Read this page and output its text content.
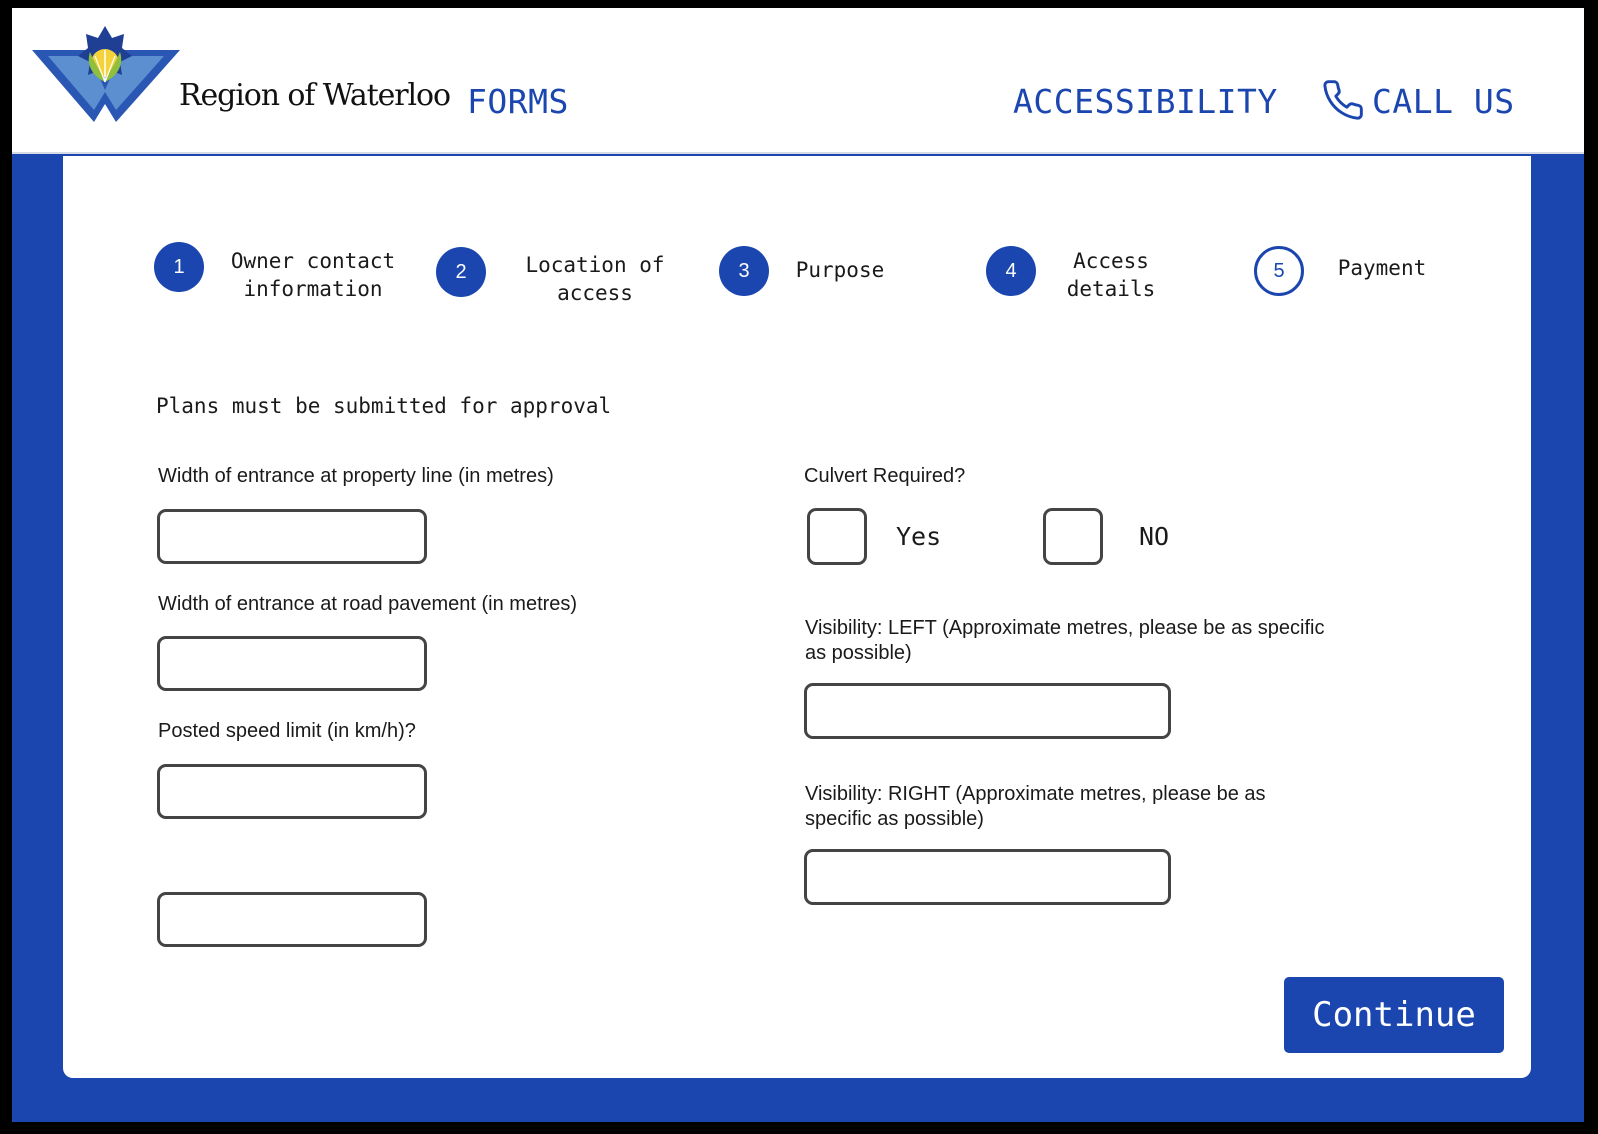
Region of Waterloo FORMS	ACCESSIBILITY	CALL US
1	Owner contact
information
2	Location of
access
3	Purpose	4	Access
details
5	Payment
Plans must be submitted for approval
Width of entrance at property line (in metres)
Width of entrance at road pavement (in metres)
Posted speed limit (in km/h)?
Culvert Required?
Yes	NO
Visibility: LEFT (Approximate metres, please be as specific as possible)
Visibility: RIGHT (Approximate metres, please be as specific as possible)
Continue
